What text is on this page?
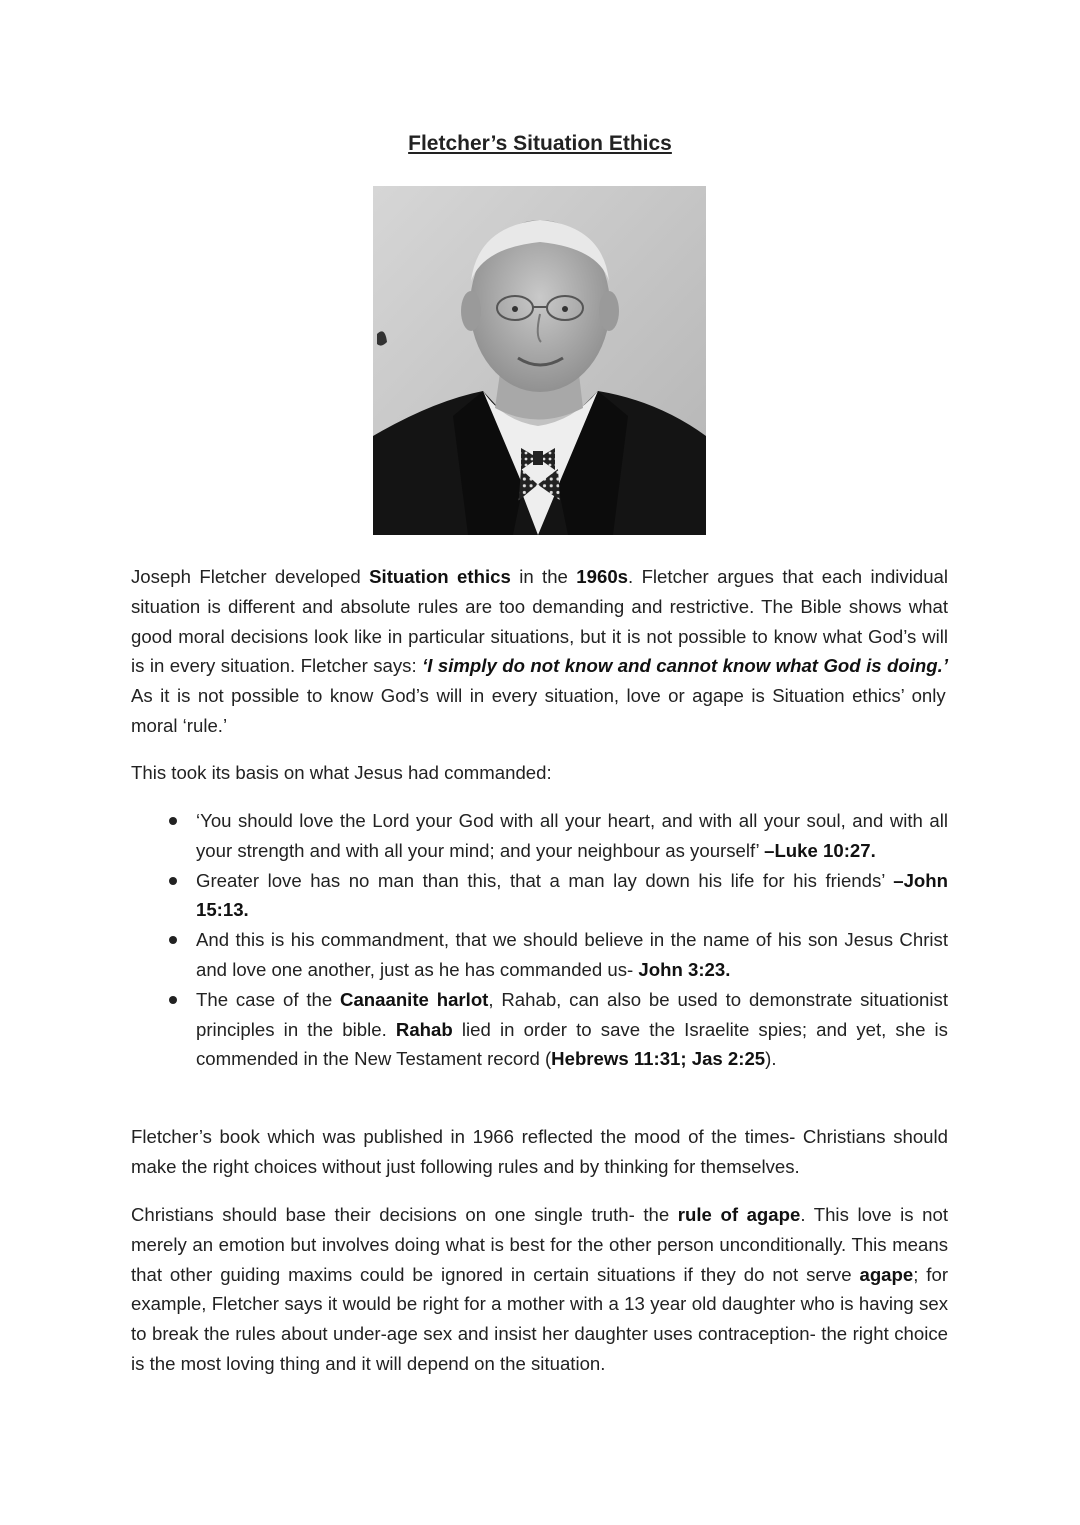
Fletcher’s Situation Ethics

Joseph Fletcher developed Situation ethics in the 1960s. Fletcher argues that each individual situation is different and absolute rules are too demanding and restrictive. The Bible shows what good moral decisions look like in particular situations, but it is not possible to know what God’s will is in every situation. Fletcher says: ‘I simply do not know and cannot know what God is doing.’ As it is not possible to know God’s will in every situation, love or agape is Situation ethics’ only moral ‘rule.’

This took its basis on what Jesus had commanded:

‘You should love the Lord your God with all your heart, and with all your soul, and with all your strength and with all your mind; and your neighbour as yourself’ –Luke 10:27.
Greater love has no man than this, that a man lay down his life for his friends’ –John 15:13.
And this is his commandment, that we should believe in the name of his son Jesus Christ and love one another, just as he has commanded us- John 3:23.
The case of the Canaanite harlot, Rahab, can also be used to demonstrate situationist principles in the bible. Rahab lied in order to save the Israelite spies; and yet, she is commended in the New Testament record (Hebrews 11:31; Jas 2:25).

Fletcher’s book which was published in 1966 reflected the mood of the times- Christians should make the right choices without just following rules and by thinking for themselves.

Christians should base their decisions on one single truth- the rule of agape. This love is not merely an emotion but involves doing what is best for the other person unconditionally. This means that other guiding maxims could be ignored in certain situations if they do not serve agape; for example, Fletcher says it would be right for a mother with a 13 year old daughter who is having sex to break the rules about under-age sex and insist her daughter uses contraception- the right choice is the most loving thing and it will depend on the situation.
